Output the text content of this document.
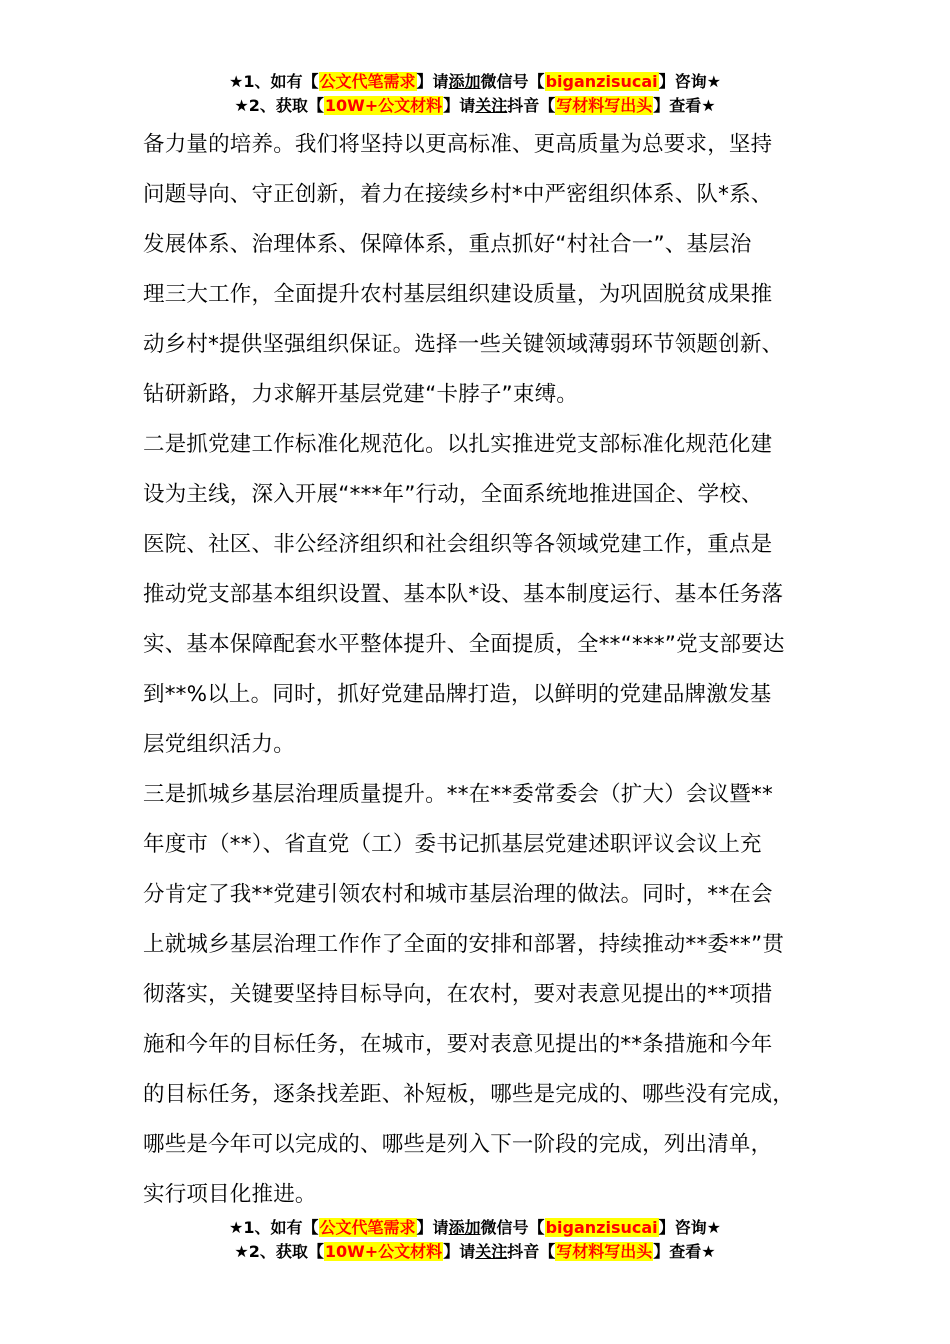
★1、如有【公文代笔需求】请添加微信号【biganzisucai】咨询★
★2、获取【10W+公文材料】请关注抖音【写材料写出头】查看★

备力量的培养。我们将坚持以更高标准、更高质量为总要求，坚持
问题导向、守正创新，着力在接续乡村*中严密组织体系、队*系、
发展体系、治理体系、保障体系，重点抓好“村社合一”、基层治
理三大工作，全面提升农村基层组织建设质量，为巩固脱贫成果推
动乡村*提供坚强组织保证。选择一些关键领域薄弱环节领题创新、
钻研新路，力求解开基层党建“卡脖子”束缚。

二是抓党建工作标准化规范化。以扎实推进党支部标准化规范化建
设为主线，深入开展“***年”行动，全面系统地推进国企、学校、
医院、社区、非公经济组织和社会组织等各领域党建工作，重点是
推动党支部基本组织设置、基本队*设、基本制度运行、基本任务落
实、基本保障配套水平整体提升、全面提质，全**“***”党支部要达
到**%以上。同时，抓好党建品牌打造，以鲜明的党建品牌激发基
层党组织活力。

三是抓城乡基层治理质量提升。**在**委常委会（扩大）会议暨**
年度市（**）、省直党（工）委书记抓基层党建述职评议会议上充
分肯定了我**党建引领农村和城市基层治理的做法。同时，**在会
上就城乡基层治理工作作了全面的安排和部署，持续推动**委**”贯
彻落实，关键要坚持目标导向，在农村，要对表意见提出的**项措
施和今年的目标任务，在城市，要对表意见提出的**条措施和今年
的目标任务，逐条找差距、补短板，哪些是完成的、哪些没有完成，
哪些是今年可以完成的、哪些是列入下一阶段的完成，列出清单，
实行项目化推进。

★1、如有【公文代笔需求】请添加微信号【biganzisucai】咨询★
★2、获取【10W+公文材料】请关注抖音【写材料写出头】查看★
